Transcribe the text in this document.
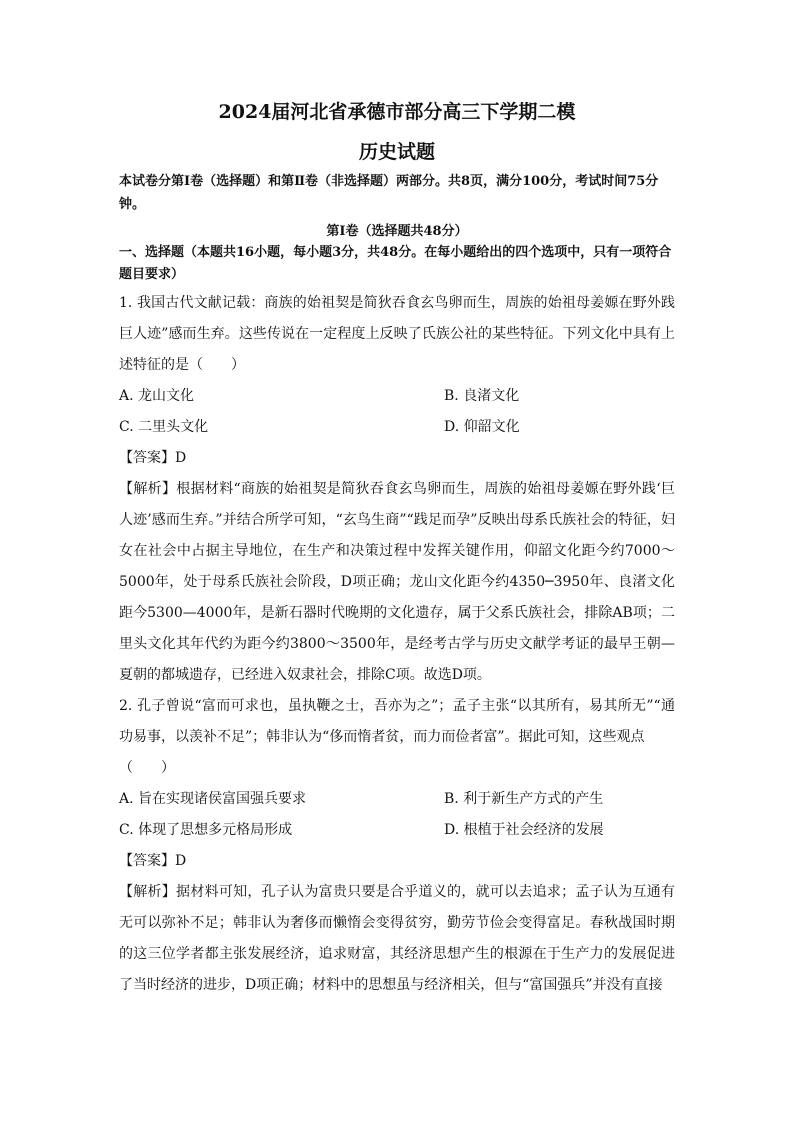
2024届河北省承德市部分高三下学期二模
历史试题

本试卷分第Ⅰ卷（选择题）和第Ⅱ卷（非选择题）两部分。共8页，满分100分，考试时间75分钟。

第Ⅰ卷（选择题共48分）

一、选择题（本题共16小题，每小题3分，共48分。在每小题给出的四个选项中，只有一项符合题目要求）

1. 我国古代文献记载：商族的始祖契是简狄吞食玄鸟卵而生，周族的始祖母姜嫄在野外践巨人迹”感而生弃。这些传说在一定程度上反映了氏族公社的某些特征。下列文化中具有上述特征的是（　　）

A. 龙山文化	B. 良渚文化
C. 二里头文化	D. 仰韶文化

【答案】D

【解析】根据材料“商族的始祖契是简狄吞食玄鸟卵而生，周族的始祖母姜嫄在野外践‘巨人迹’感而生弃。”并结合所学可知，“玄鸟生商”“践足而孕”反映出母系氏族社会的特征，妇女在社会中占据主导地位，在生产和决策过程中发挥关键作用，仰韶文化距今约7000～5000年，处于母系氏族社会阶段，D项正确；龙山文化距今约4350─3950年、良渚文化距今5300—4000年，是新石器时代晚期的文化遗存，属于父系氏族社会，排除AB项；二里头文化其年代约为距今约3800～3500年，是经考古学与历史文献学考证的最早王朝—夏朝的都城遗存，已经进入奴隶社会，排除C项。故选D项。

2. 孔子曾说“富而可求也，虽执鞭之士，吾亦为之”；孟子主张“以其所有，易其所无”“通功易事，以羡补不足”；韩非认为“侈而惰者贫，而力而俭者富”。据此可知，这些观点

（　　）

A. 旨在实现诸侯富国强兵要求	B. 利于新生产方式的产生
C. 体现了思想多元格局形成	D. 根植于社会经济的发展

【答案】D

【解析】据材料可知，孔子认为富贵只要是合乎道义的，就可以去追求；孟子认为互通有无可以弥补不足；韩非认为奢侈而懒惰会变得贫穷，勤劳节俭会变得富足。春秋战国时期的这三位学者都主张发展经济，追求财富，其经济思想产生的根源在于生产力的发展促进了当时经济的进步，D项正确；材料中的思想虽与经济相关，但与“富国强兵”并没有直接
